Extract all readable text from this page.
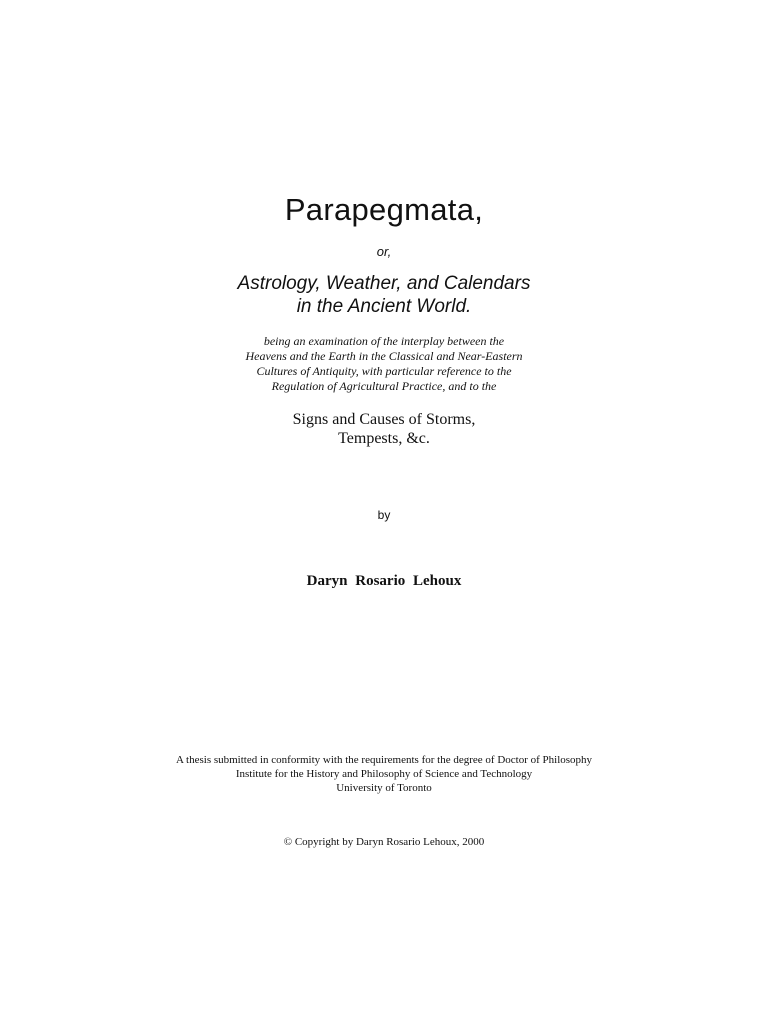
Parapegmata,

or,

Astrology, Weather, and Calendars

in the Ancient World.

being an examination of the interplay between the

Heavens and the Earth in the Classical and Near-Eastern

Cultures of Antiquity, with particular reference to the

Regulation of Agricultural Practice, and to the

Signs and Causes of Storms,

Tempests, &c.

by

Daryn Rosario Lehoux

A thesis submitted in conformity with the requirements for the degree of Doctor of Philosophy

Institute for the History and Philosophy of Science and Technology

University of Toronto

© Copyright by Daryn Rosario Lehoux, 2000
